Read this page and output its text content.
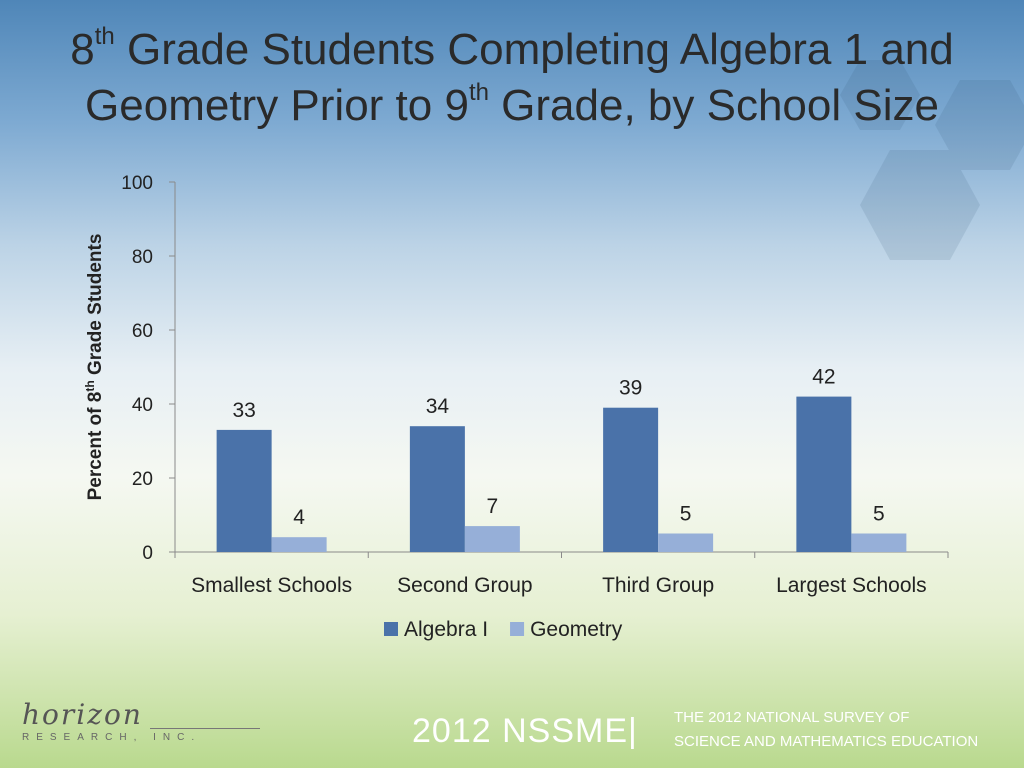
8th Grade Students Completing Algebra 1 and
Geometry Prior to 9th Grade, by School Size
0
20
40
60
80
100
Smallest Schools
33
4
Second Group
34
7
Third Group
39
5
Largest Schools
42
5
Percent of 8th Grade Students
Algebra I Geometry
horizon
RESEARCH, INC.	2012 NSSME| THE 2012 NATIONAL SURVEY OF
SCIENCE AND MATHEMATICS EDUCATION
